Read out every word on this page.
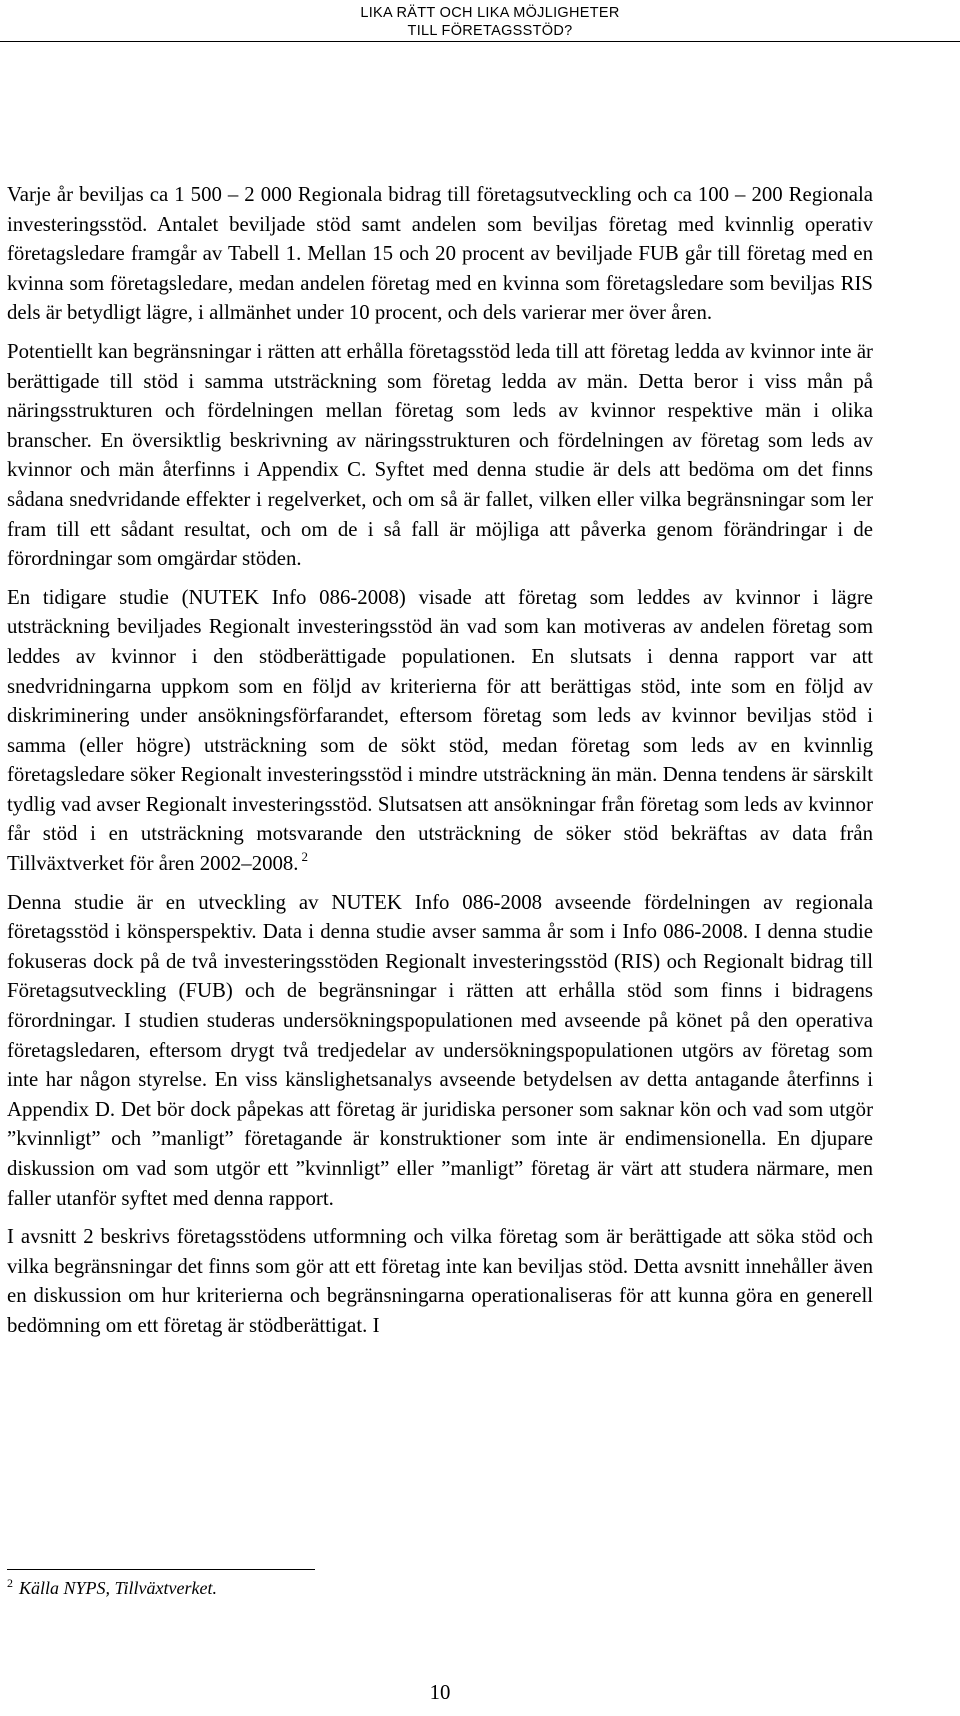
LIKA RÄTT OCH LIKA MÖJLIGHETER
TILL FÖRETAGSSTÖD?

Varje år beviljas ca 1 500 – 2 000 Regionala bidrag till företagsutveckling och ca 100 – 200 Regionala investeringsstöd. Antalet beviljade stöd samt andelen som beviljas företag med kvinnlig operativ företagsledare framgår av Tabell 1. Mellan 15 och 20 procent av beviljade FUB går till företag med en kvinna som företagsledare, medan andelen företag med en kvinna som företagsledare som beviljas RIS dels är betydligt lägre, i allmänhet under 10 procent, och dels varierar mer över åren.

Potentiellt kan begränsningar i rätten att erhålla företagsstöd leda till att företag ledda av kvinnor inte är berättigade till stöd i samma utsträckning som företag ledda av män. Detta beror i viss mån på näringsstrukturen och fördelningen mellan företag som leds av kvinnor respektive män i olika branscher. En översiktlig beskrivning av näringsstrukturen och fördelningen av företag som leds av kvinnor och män återfinns i Appendix C. Syftet med denna studie är dels att bedöma om det finns sådana snedvridande effekter i regelverket, och om så är fallet, vilken eller vilka begränsningar som ler fram till ett sådant resultat, och om de i så fall är möjliga att påverka genom förändringar i de förordningar som omgärdar stöden.

En tidigare studie (NUTEK Info 086-2008) visade att företag som leddes av kvinnor i lägre utsträckning beviljades Regionalt investeringsstöd än vad som kan motiveras av andelen företag som leddes av kvinnor i den stödberättigade populationen. En slutsats i denna rapport var att snedvridningarna uppkom som en följd av kriterierna för att berättigas stöd, inte som en följd av diskriminering under ansökningsförfarandet, eftersom företag som leds av kvinnor beviljas stöd i samma (eller högre) utsträckning som de sökt stöd, medan företag som leds av en kvinnlig företagsledare söker Regionalt investeringsstöd i mindre utsträckning än män. Denna tendens är särskilt tydlig vad avser Regionalt investeringsstöd. Slutsatsen att ansökningar från företag som leds av kvinnor får stöd i en utsträckning motsvarande den utsträckning de söker stöd bekräftas av data från Tillväxtverket för åren 2002–2008. $^2$

Denna studie är en utveckling av NUTEK Info 086-2008 avseende fördelningen av regionala företagsstöd i könsperspektiv. Data i denna studie avser samma år som i Info 086-2008. I denna studie fokuseras dock på de två investeringsstöden Regionalt investeringsstöd (RIS) och Regionalt bidrag till Företagsutveckling (FUB) och de begränsningar i rätten att erhålla stöd som finns i bidragens förordningar. I studien studeras undersökningspopulationen med avseende på könet på den operativa företagsledaren, eftersom drygt två tredjedelar av undersökningspopulationen utgörs av företag som inte har någon styrelse. En viss känslighetsanalys avseende betydelsen av detta antagande återfinns i Appendix D. Det bör dock påpekas att företag är juridiska personer som saknar kön och vad som utgör ”kvinnligt” och ”manligt” företagande är konstruktioner som inte är endimensionella. En djupare diskussion om vad som utgör ett ”kvinnligt” eller ”manligt” företag är värt att studera närmare, men faller utanför syftet med denna rapport.

I avsnitt 2 beskrivs företagsstödens utformning och vilka företag som är berättigade att söka stöd och vilka begränsningar det finns som gör att ett företag inte kan beviljas stöd. Detta avsnitt innehåller även en diskussion om hur kriterierna och begränsningarna operationaliseras för att kunna göra en generell bedömning om ett företag är stödberättigat. I

$^2$ Källa NYPS, Tillväxtverket.
10
